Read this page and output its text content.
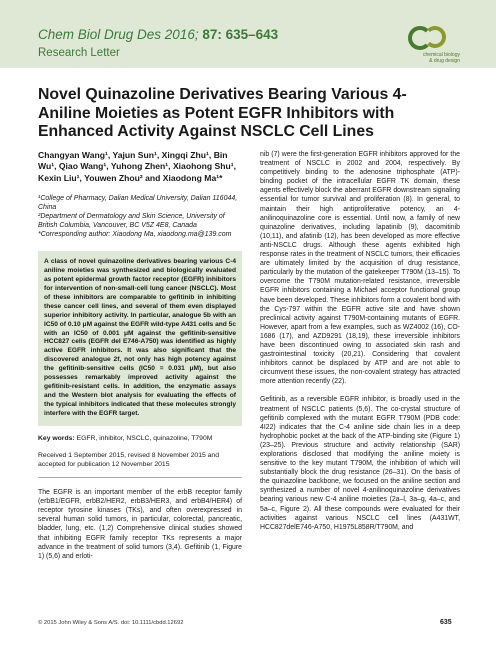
Chem Biol Drug Des 2016; 87: 635–643
Research Letter	chemical biology
& drug design
Novel Quinazoline Derivatives Bearing Various 4-Aniline Moieties as Potent EGFR Inhibitors with Enhanced Activity Against NSCLC Cell Lines
Changyan Wang¹, Yajun Sun¹, Xingqi Zhu¹, Bin Wu¹, Qiao Wang¹, Yuhong Zhen¹, Xiaohong Shu¹, Kexin Liu¹, Youwen Zhou² and Xiaodong Ma¹*
¹College of Pharmacy, Dalian Medical University, Dalian 116044, China
²Department of Dermatology and Skin Science, University of British Columbia, Vancouver, BC V5Z 4E8, Canada
*Corresponding author: Xiaodong Ma, xiaodong.ma@139.com
A class of novel quinazoline derivatives bearing various C-4 aniline moieties was synthesized and biologically evaluated as potent epidermal growth factor receptor (EGFR) inhibitors for intervention of non-small-cell lung cancer (NSCLC). Most of these inhibitors are comparable to gefitinib in inhibiting these cancer cell lines, and several of them even displayed superior inhibitory activity. In particular, analogue 5b with an IC50 of 0.10 μM against the EGFR wild-type A431 cells and 5c with an IC50 of 0.001 μM against the gefitinib-sensitive HCC827 cells (EGFR del E746-A750) was identified as highly active EGFR inhibitors. It was also significant that the discovered analogue 2f, not only has high potency against the gefitinib-sensitive cells (IC50 = 0.031 μM), but also possesses remarkably improved activity against the gefitinib-resistant cells. In addition, the enzymatic assays and the Western blot analysis for evaluating the effects of the typical inhibitors indicated that these molecules strongly interfere with the EGFR target.
Key words: EGFR, inhibitor, NSCLC, quinazoline, T790M
Received 1 September 2015, revised 8 November 2015 and accepted for publication 12 November 2015
The EGFR is an important member of the erbB receptor family (erbB1/EGFR, erbB2/HER2, erbB3/HER3, and erbB4/HER4) of receptor tyrosine kinases (TKs), and often overexpressed in several human solid tumors, in particular, colorectal, pancreatic, bladder, lung, etc. (1,2) Comprehensive clinical studies showed that inhibiting EGFR family receptor TKs represents a major advance in the treatment of solid tumors (3,4). Gefitinib (1, Figure 1) (5,6) and erloti-

nib (7) were the first-generation EGFR inhibitors approved for the treatment of NSCLC in 2002 and 2004, respectively. By competitively binding to the adenosine triphosphate (ATP)-binding pocket of the intracellular EGFR TK domain, these agents effectively block the aberrant EGFR downstream signaling essential for tumor survival and proliferation (8). In general, to maintain their high antiproliferative potency, an 4-anilinoquinazoline core is essential. Until now, a family of new quinazoline derivatives, including lapatinib (9), dacomitinib (10,11), and afatinib (12), has been developed as more effective anti-NSCLC drugs. Although these agents exhibited high response rates in the treatment of NSCLC tumors, their efficacies are ultimately limited by the acquisition of drug resistance, particularly by the mutation of the gatekeeper T790M (13–15). To overcome the T790M mutation-related resistance, irreversible EGFR inhibitors containing a Michael acceptor functional group have been developed. These inhibitors form a covalent bond with the Cys-797 within the EGFR active site and have shown preclinical activity against T790M-containing mutants of EGFR. However, apart from a few examples, such as WZ4002 (16), CO-1686 (17), and AZD9291 (18,19), these irreversible inhibitors have been discontinued owing to associated skin rash and gastrointestinal toxicity (20,21). Considering that covalent inhibitors cannot be displaced by ATP and are not able to circumvent these issues, the non-covalent strategy has attracted more attention recently (22).

Gefitinib, as a reversible EGFR inhibitor, is broadly used in the treatment of NSCLC patients (5,6). The co-crystal structure of gefitinib complexed with the mutant EGFR T790M (PDB code: 4I22) indicates that the C-4 aniline side chain lies in a deep hydrophobic pocket at the back of the ATP-binding site (Figure 1) (23–25). Previous structure and activity relationship (SAR) explorations disclosed that modifying the aniline moiety is sensitive to the key mutant T790M, the inhibition of which will substantially block the drug resistance (26–31). On the basis of the quinazoline backbone, we focused on the aniline section and synthesized a number of novel 4-anilinoquinazoline derivatives bearing various new C-4 aniline moieties (2a–l, 3a–g, 4a–c, and 5a–c, Figure 2). All these compounds were evaluated for their activities against various NSCLC cell lines (A431WT, HCC827delE746-A750, H1975L858R/T790M, and

© 2015 John Wiley & Sons A/S. doi: 10.1111/cbdd.12692	635
